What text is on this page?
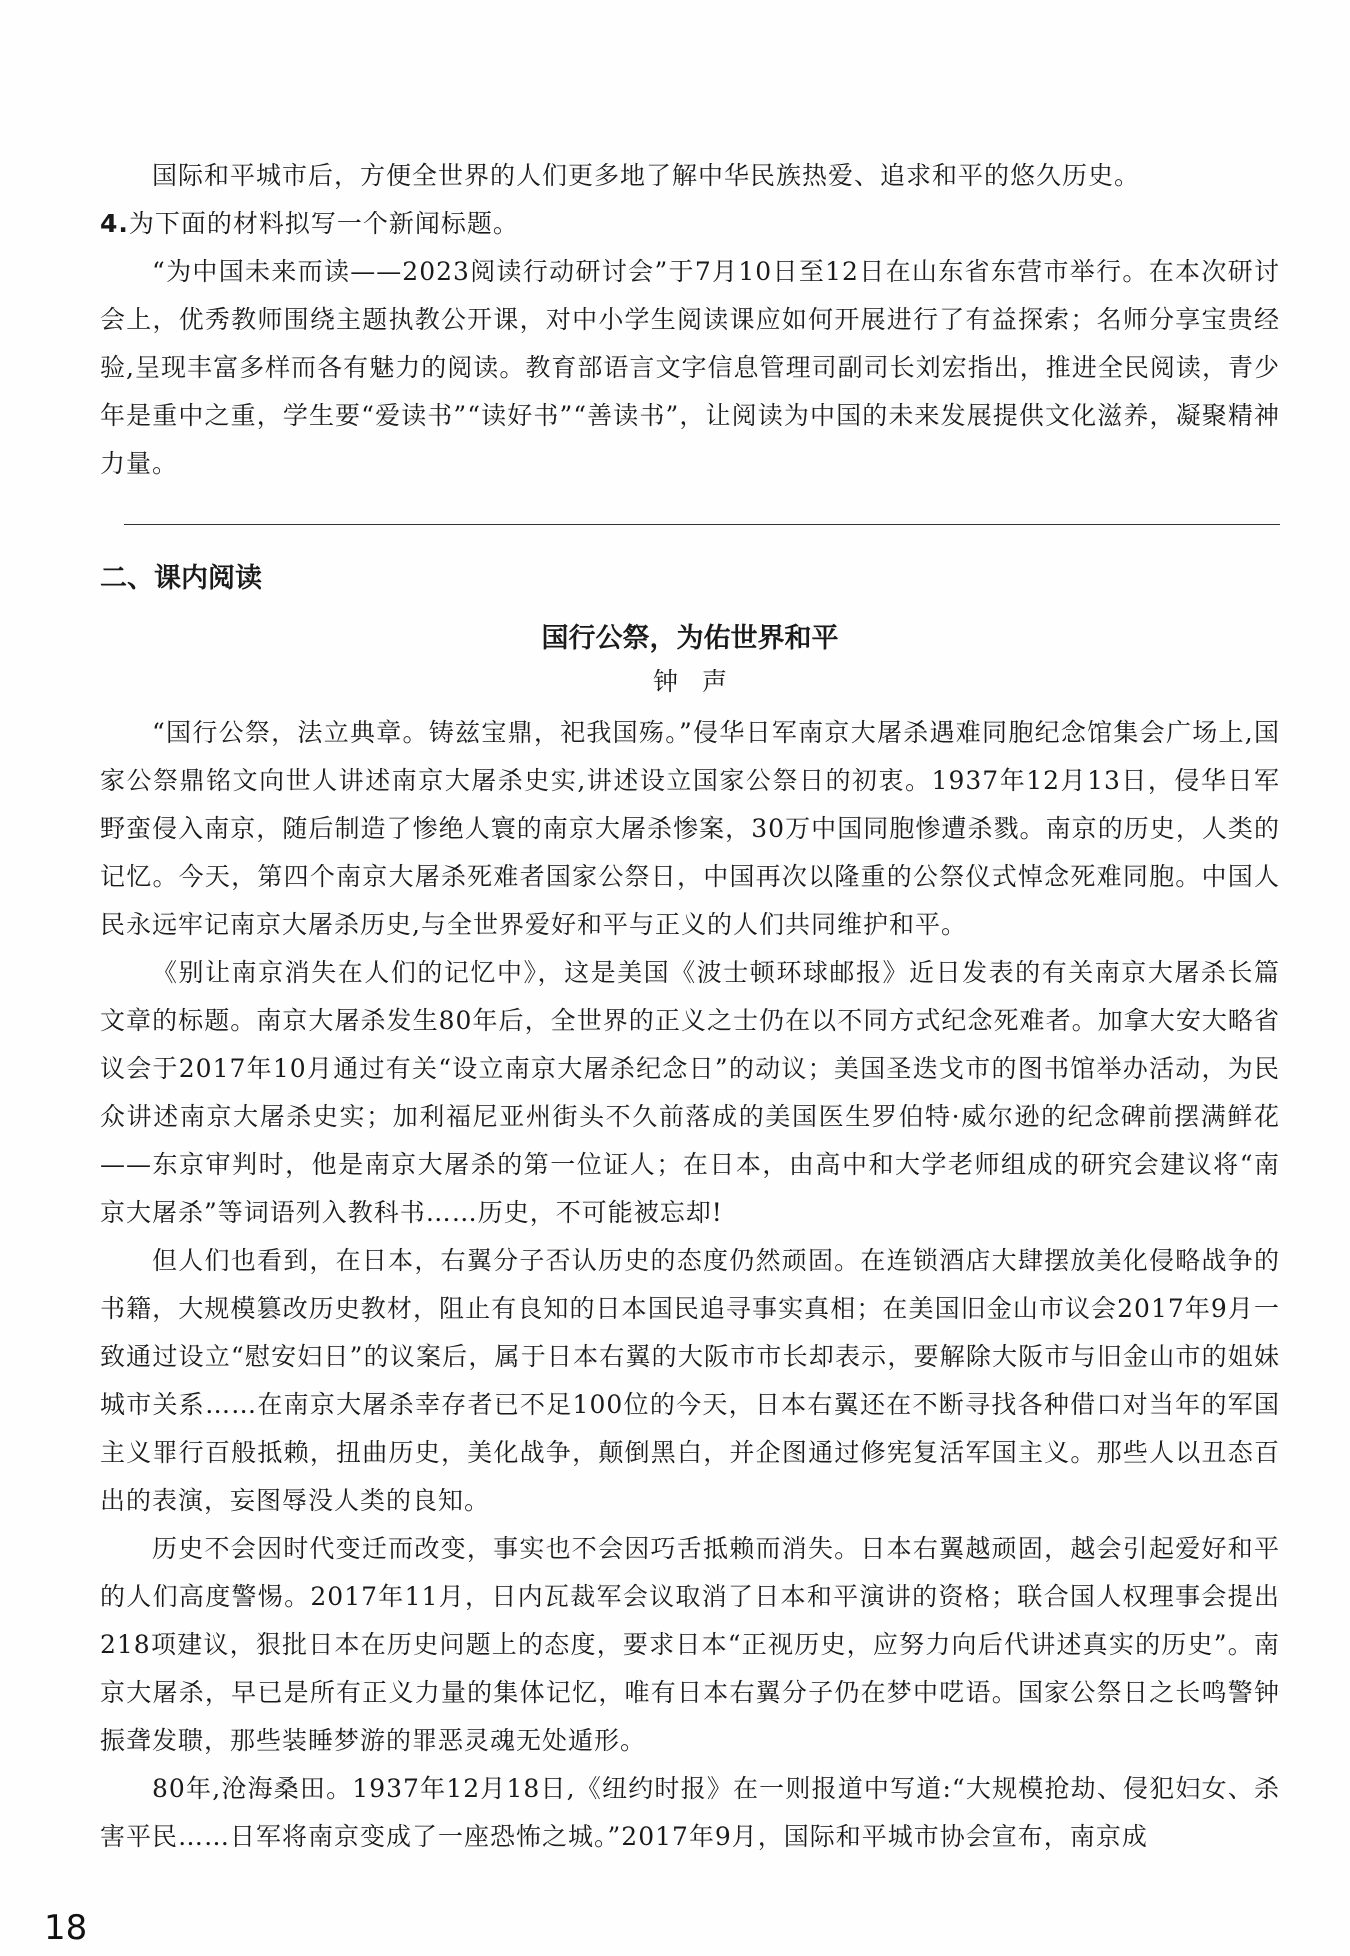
国际和平城市后，方便全世界的人们更多地了解中华民族热爱、追求和平的悠久历史。

4.为下面的材料拟写一个新闻标题。

“为中国未来而读——2023阅读行动研讨会”于7月10日至12日在山东省东营市举行。在本次研讨会上，优秀教师围绕主题执教公开课，对中小学生阅读课应如何开展进行了有益探索；名师分享宝贵经验,呈现丰富多样而各有魅力的阅读。教育部语言文字信息管理司副司长刘宏指出，推进全民阅读，青少年是重中之重，学生要“爱读书”“读好书”“善读书”，让阅读为中国的未来发展提供文化滋养，凝聚精神力量。

二、课内阅读
国行公祭，为佑世界和平
钟声

“国行公祭，法立典章。铸兹宝鼎，祀我国殇。”侵华日军南京大屠杀遇难同胞纪念馆集会广场上,国家公祭鼎铭文向世人讲述南京大屠杀史实,讲述设立国家公祭日的初衷。1937年12月13日，侵华日军野蛮侵入南京，随后制造了惨绝人寰的南京大屠杀惨案，30万中国同胞惨遭杀戮。南京的历史，人类的记忆。今天，第四个南京大屠杀死难者国家公祭日，中国再次以隆重的公祭仪式悼念死难同胞。中国人民永远牢记南京大屠杀历史,与全世界爱好和平与正义的人们共同维护和平。

《别让南京消失在人们的记忆中》，这是美国《波士顿环球邮报》近日发表的有关南京大屠杀长篇文章的标题。南京大屠杀发生80年后，全世界的正义之士仍在以不同方式纪念死难者。加拿大安大略省议会于2017年10月通过有关“设立南京大屠杀纪念日”的动议；美国圣迭戈市的图书馆举办活动，为民众讲述南京大屠杀史实；加利福尼亚州街头不久前落成的美国医生罗伯特·威尔逊的纪念碑前摆满鲜花——东京审判时，他是南京大屠杀的第一位证人；在日本，由高中和大学老师组成的研究会建议将“南京大屠杀”等词语列入教科书……历史，不可能被忘却!

但人们也看到，在日本，右翼分子否认历史的态度仍然顽固。在连锁酒店大肆摆放美化侵略战争的书籍，大规模篡改历史教材，阻止有良知的日本国民追寻事实真相；在美国旧金山市议会2017年9月一致通过设立“慰安妇日”的议案后，属于日本右翼的大阪市市长却表示，要解除大阪市与旧金山市的姐妹城市关系……在南京大屠杀幸存者已不足100位的今天，日本右翼还在不断寻找各种借口对当年的军国主义罪行百般抵赖，扭曲历史，美化战争，颠倒黑白，并企图通过修宪复活军国主义。那些人以丑态百出的表演，妄图辱没人类的良知。

历史不会因时代变迁而改变，事实也不会因巧舌抵赖而消失。日本右翼越顽固，越会引起爱好和平的人们高度警惕。2017年11月，日内瓦裁军会议取消了日本和平演讲的资格；联合国人权理事会提出218项建议，狠批日本在历史问题上的态度，要求日本“正视历史，应努力向后代讲述真实的历史”。南京大屠杀，早已是所有正义力量的集体记忆，唯有日本右翼分子仍在梦中呓语。国家公祭日之长鸣警钟振聋发聩，那些装睡梦游的罪恶灵魂无处遁形。

80年,沧海桑田。1937年12月18日,《纽约时报》在一则报道中写道:“大规模抢劫、侵犯妇女、杀害平民……日军将南京变成了一座恐怖之城。”2017年9月，国际和平城市协会宣布，南京成

18
